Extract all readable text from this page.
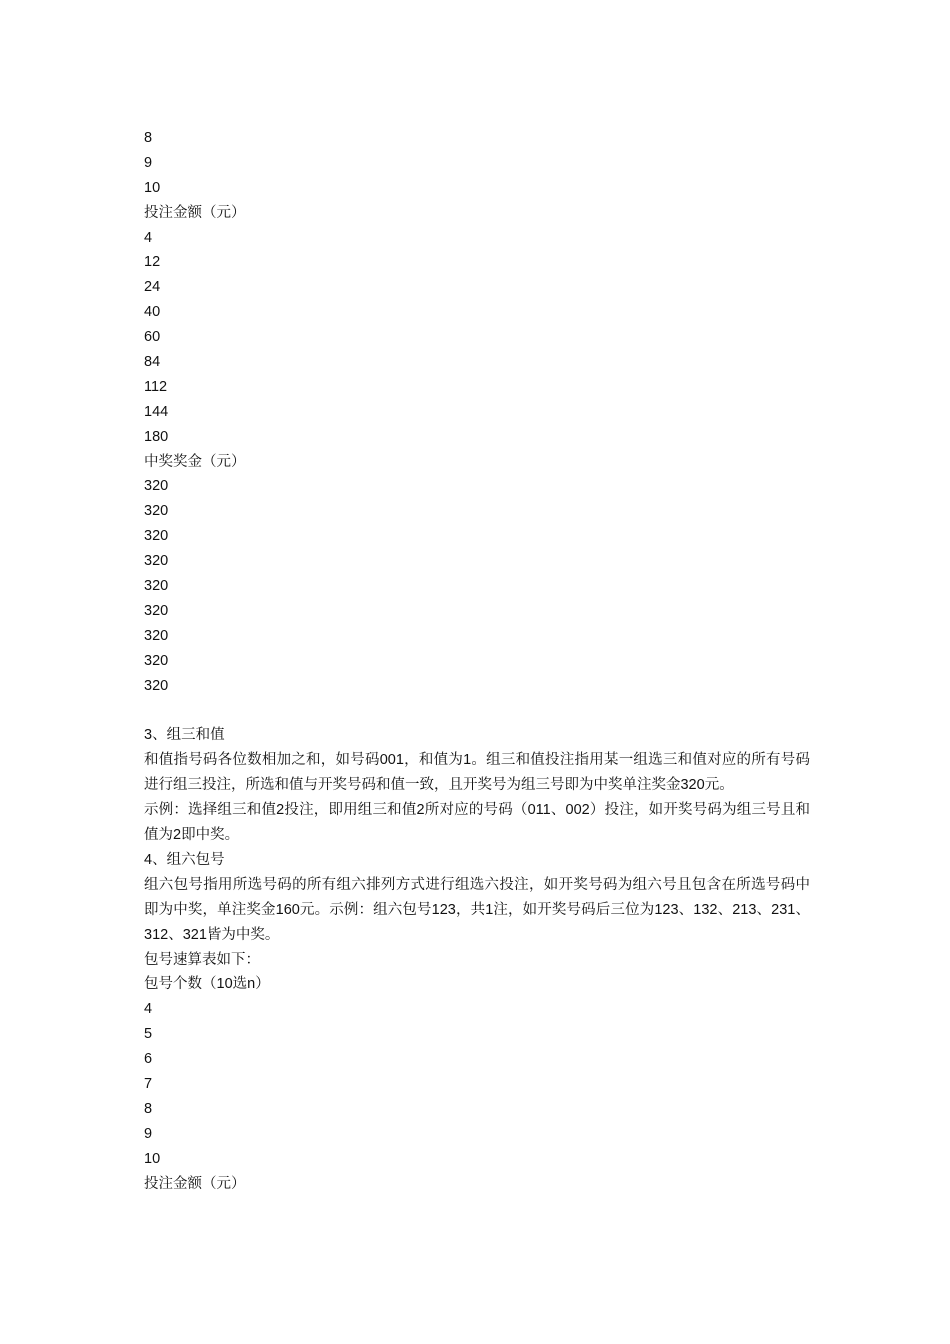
8
9
10
投注金额（元）
4
12
24
40
60
84
112
144
180
中奖奖金（元）
320
320
320
320
320
320
320
320
320
3、组三和值
和值指号码各位数相加之和，如号码001，和值为1。组三和值投注指用某一组选三和值对应的所有号码进行组三投注，所选和值与开奖号码和值一致，且开奖号为组三号即为中奖单注奖金320元。
示例：选择组三和值2投注，即用组三和值2所对应的号码（011、002）投注，如开奖号码为组三号且和值为2即中奖。
4、组六包号
组六包号指用所选号码的所有组六排列方式进行组选六投注，如开奖号码为组六号且包含在所选号码中即为中奖，单注奖金160元。示例：组六包号123，共1注，如开奖号码后三位为123、132、213、231、312、321皆为中奖。
包号速算表如下：
包号个数（10选n）
4
5
6
7
8
9
10
投注金额（元）
